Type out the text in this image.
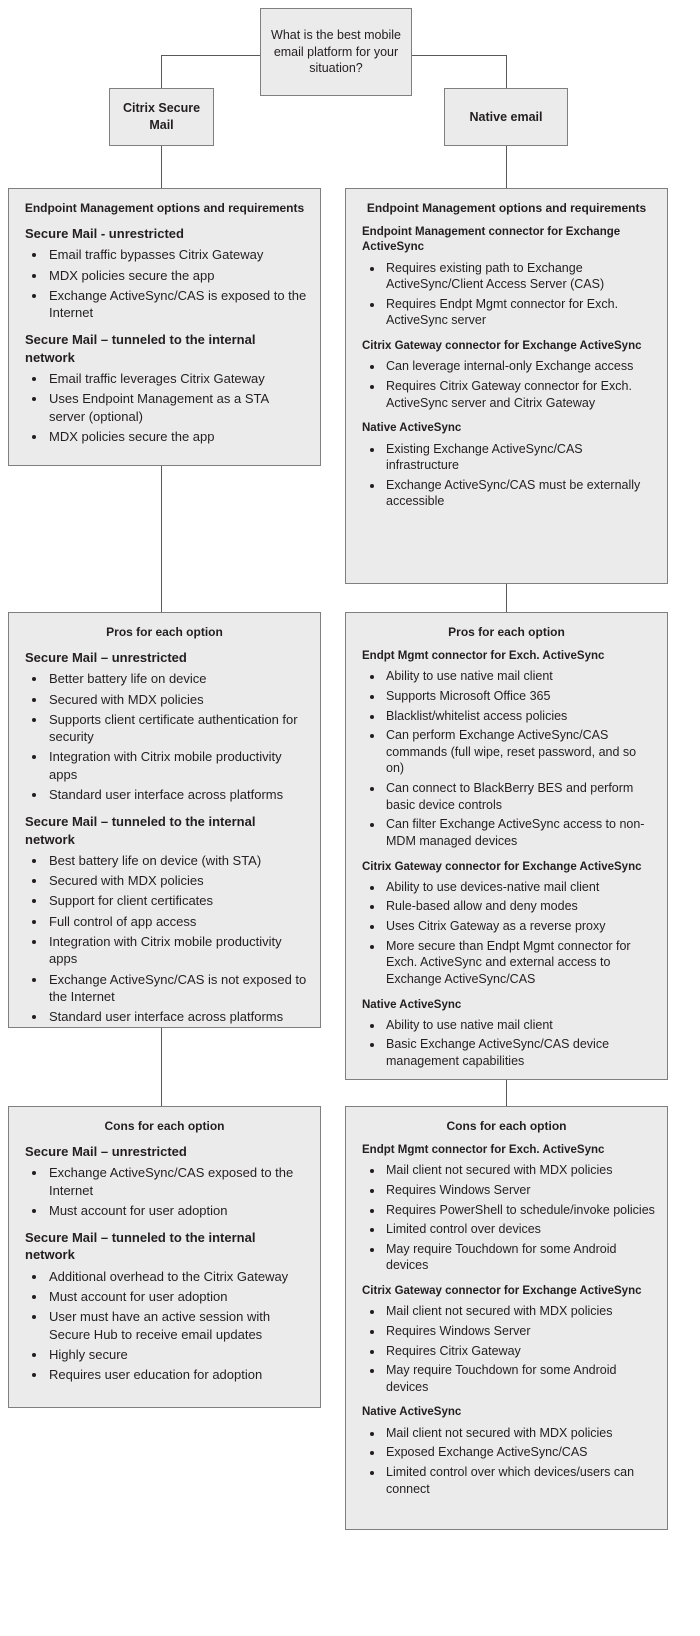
What is the best mobile email platform for your situation?
Citrix Secure Mail
Native email
Endpoint Management options and requirements
Secure Mail - unrestricted
• Email traffic bypasses Citrix Gateway
• MDX policies secure the app
• Exchange ActiveSync/CAS is exposed to the Internet
Secure Mail – tunneled to the internal network
• Email traffic leverages Citrix Gateway
• Uses Endpoint Management as a STA server (optional)
• MDX policies secure the app
Endpoint Management options and requirements
Endpoint Management connector for Exchange ActiveSync
• Requires existing path to Exchange ActiveSync/Client Access Server (CAS)
• Requires Endpt Mgmt connector for Exch. ActiveSync server
Citrix Gateway connector for Exchange ActiveSync
• Can leverage internal-only Exchange access
• Requires Citrix Gateway connector for Exch. ActiveSync server and Citrix Gateway
Native ActiveSync
• Existing Exchange ActiveSync/CAS infrastructure
• Exchange ActiveSync/CAS must be externally accessible
Pros for each option
Secure Mail – unrestricted
• Better battery life on device
• Secured with MDX policies
• Supports client certificate authentication for security
• Integration with Citrix mobile productivity apps
• Standard user interface across platforms
Secure Mail – tunneled to the internal network
• Best battery life on device (with STA)
• Secured with MDX policies
• Support for client certificates
• Full control of app access
• Integration with Citrix mobile productivity apps
• Exchange ActiveSync/CAS is not exposed to the Internet
• Standard user interface across platforms
Pros for each option
Endpt Mgmt connector for Exch. ActiveSync
• Ability to use native mail client
• Supports Microsoft Office 365
• Blacklist/whitelist access policies
• Can perform Exchange ActiveSync/CAS commands (full wipe, reset password, and so on)
• Can connect to BlackBerry BES and perform basic device controls
• Can filter Exchange ActiveSync access to non-MDM managed devices
Citrix Gateway connector for Exchange ActiveSync
• Ability to use devices-native mail client
• Rule-based allow and deny modes
• Uses Citrix Gateway as a reverse proxy
• More secure than Endpt Mgmt connector for Exch. ActiveSync and external access to Exchange ActiveSync/CAS
Native ActiveSync
• Ability to use native mail client
• Basic Exchange ActiveSync/CAS device management capabilities
Cons for each option
Secure Mail – unrestricted
• Exchange ActiveSync/CAS exposed to the Internet
• Must account for user adoption
Secure Mail – tunneled to the internal network
• Additional overhead to the Citrix Gateway
• Must account for user adoption
• User must have an active session with Secure Hub to receive email updates
• Highly secure
• Requires user education for adoption
Cons for each option
Endpt Mgmt connector for Exch. ActiveSync
• Mail client not secured with MDX policies
• Requires Windows Server
• Requires PowerShell to schedule/invoke policies
• Limited control over devices
• May require Touchdown for some Android devices
Citrix Gateway connector for Exchange ActiveSync
• Mail client not secured with MDX policies
• Requires Windows Server
• Requires Citrix Gateway
• May require Touchdown for some Android devices
Native ActiveSync
• Mail client not secured with MDX policies
• Exposed Exchange ActiveSync/CAS
• Limited control over which devices/users can connect
